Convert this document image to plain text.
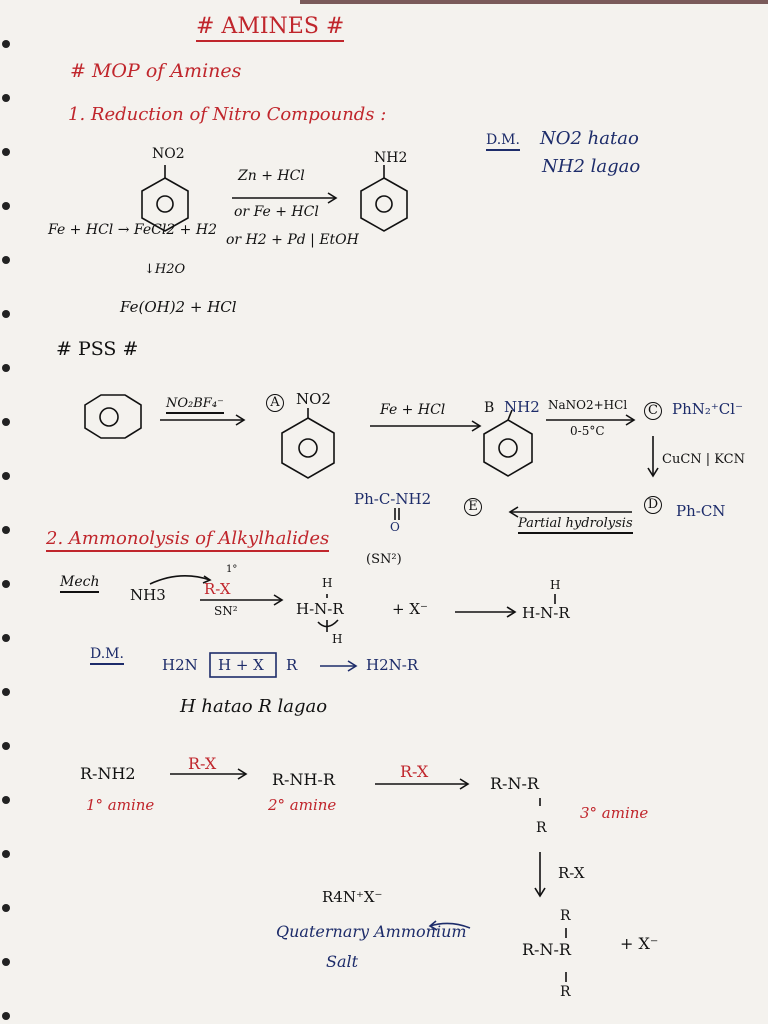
# AMINES #
# MOP of Amines
1. Reduction of Nitro Compounds :
NO2	NH2
Zn + HCl
or Fe + HCl
or H2 + Pd | EtOH
Fe + HCl → FeCl2 + H2
↓H2O
Fe(OH)2 + HCl
D.M. NO2 hatao
NH2 lagao
# PSS #
NO₂BF₄⁻	A NO2
Fe + HCl	B NH2 NaNO2+HCl
0-5°C
C PhN₂⁺Cl⁻
CuCN | KCN
D Ph-CN
Partial hydrolysis
E
Ph-C-NH2
O
2. Ammonolysis of Alkylhalides
(SN²)
Mech
NH3	R-X
1°
SN²	H-N-R
H
H
+ X⁻	H-N-R
H
D.M.
H2N H + X R	H2N-R
H hatao R lagao
R-NH2
1° amine
R-X
R-NH-R
2° amine
R-X
R-N-R
R
3° amine
R-X
R4N⁺X⁻
Quaternary Ammonium
Salt
R
R-N-R	+ X⁻
R
